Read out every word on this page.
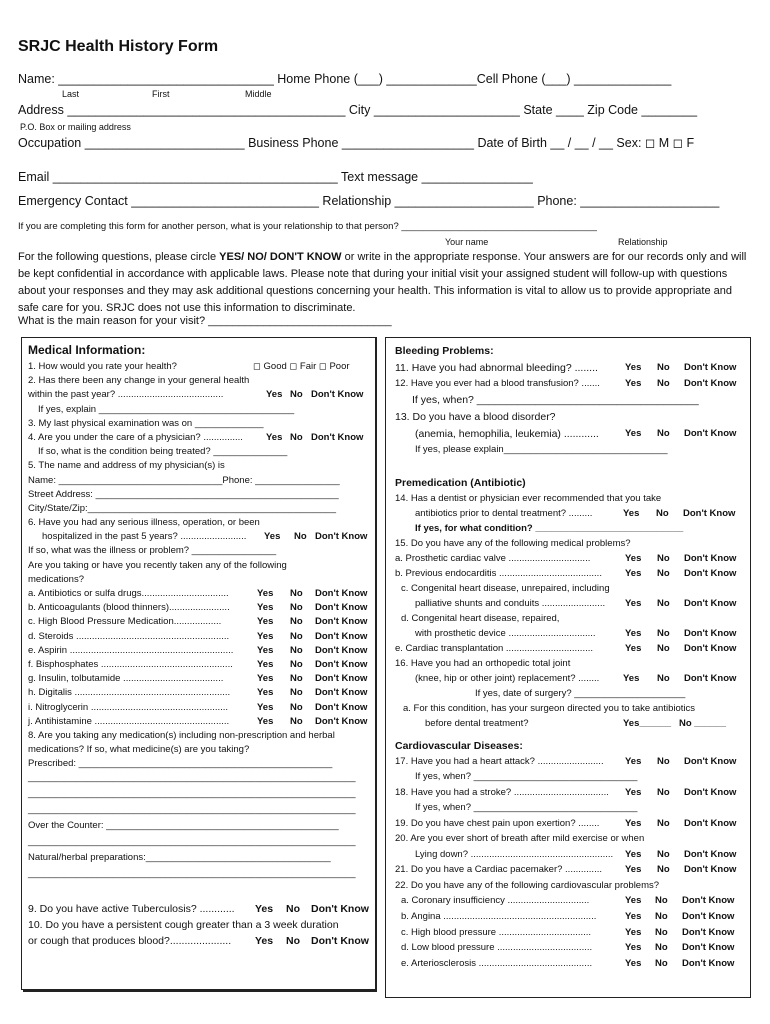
SRJC Health History Form
Name: _______________________________ Home Phone (___) _____________Cell Phone (___) ______________
Last	First	Middle
Address ________________________________________ City _____________________ State ____ Zip Code ________
P.O. Box or mailing address
Occupation _______________________ Business Phone ___________________ Date of Birth __ / __ / __ Sex: ◻ M ◻ F
Email _________________________________________ Text message ________________
Emergency Contact ___________________________ Relationship ____________________ Phone: ____________________
If you are completing this form for another person, what is your relationship to that person? _____________________________________
Your name	Relationship
For the following questions, please circle YES/ NO/ DON'T KNOW or write in the appropriate response. Your answers are for our records only and will be kept confidential in accordance with applicable laws. Please note that during your initial visit your assigned student will follow-up with questions about your responses and they may ask additional questions concerning your health. This information is vital to allow us to provide appropriate and safe care for you. SRJC does not use this information to discriminate.
What is the main reason for your visit? ______________________________
Medical Information:
1. How would you rate your health?	◻ Good ◻ Fair ◻ Poor
2. Has there been any change in your general health
within the past year? ........................................	Yes No Don't Know
If yes, explain _____________________________________
3. My last physical examination was on _____________
4. Are you under the care of a physician? ............... Yes No Don't Know
If so, what is the condition being treated? ______________
5. The name and address of my physician(s) is
Name: _______________________________Phone: ________________
Street Address: ______________________________________________
City/State/Zip:_______________________________________________
6. Have you had any serious illness, operation, or been
hospitalized in the past 5 years? ......................... Yes No Don't Know
If so, what was the illness or problem? ________________
Are you taking or have you recently taken any of the following
medications?
a. Antibiotics or sulfa drugs.................................	Yes No Don't Know
b. Anticoagulants (blood thinners).......................	Yes No Don't Know
c. High Blood Pressure Medication..................	Yes No Don't Know
d. Steroids ..........................................................	Yes No Don't Know
e. Aspirin .............................................................. Yes No Don't Know
f. Bisphosphates ..................................................	Yes No Don't Know
g. Insulin, tolbutamide ......................................	Yes No Don't Know
h. Digitalis ...........................................................	Yes No Don't Know
i. Nitroglycerin ....................................................	Yes No Don't Know
j. Antihistamine ...................................................	Yes No Don't Know
8. Are you taking any medication(s) including non-prescription and herbal
medications? If so, what medicine(s) are you taking?
Prescribed: ________________________________________________
______________________________________________________________
______________________________________________________________
______________________________________________________________
Over the Counter: ____________________________________________
______________________________________________________________
Natural/herbal preparations:___________________________________
______________________________________________________________
9. Do you have active Tuberculosis? ............ Yes No Don't Know
10. Do you have a persistent cough greater than a 3 week duration
or cough that produces blood?..................... Yes No Don't Know
Bleeding Problems:
11. Have you had abnormal bleeding? ........	Yes No Don't Know
12. Have you ever had a blood transfusion? .......	Yes No Don't Know
If yes, when? ______________________________________
13. Do you have a blood disorder?
(anemia, hemophilia, leukemia) ............	Yes No Don't Know
If yes, please explain_______________________________
Premedication (Antibiotic)
14. Has a dentist or physician ever recommended that you take
antibiotics prior to dental treatment? .........	Yes No Don't Know
If yes, for what condition? ____________________________
15. Do you have any of the following medical problems?
a. Prosthetic cardiac valve ...............................	Yes No Don't Know
b. Previous endocarditis ....................................... Yes No Don't Know
c. Congenital heart disease, unrepaired, including
palliative shunts and conduits ........................ Yes No Don't Know
d. Congenital heart disease, repaired,
with prosthetic device .................................	Yes No Don't Know
e. Cardiac transplantation .................................	Yes No Don't Know
16. Have you had an orthopedic total joint
(knee, hip or other joint) replacement? ........ Yes No Don't Know
If yes, date of surgery? _____________________
a. For this condition, has your surgeon directed you to take antibiotics
before dental treatment?	Yes______ No ______
Cardiovascular Diseases:
17. Have you had a heart attack? ......................... Yes No Don't Know
If yes, when? _______________________________
18. Have you had a stroke? .................................... Yes No Don't Know
If yes, when? _______________________________
19. Do you have chest pain upon exertion? ........	Yes No Don't Know
20. Are you ever short of breath after mild exercise or when
Lying down? ...................................................... Yes No Don't Know
21. Do you have a Cardiac pacemaker? .............. Yes No Don't Know
22. Do you have any of the following cardiovascular problems?
a. Coronary insufficiency ...............................	Yes No Don't Know
b. Angina ..........................................................	Yes No Don't Know
c. High blood pressure ...................................	Yes No Don't Know
d. Low blood pressure ....................................	Yes No Don't Know
e. Arteriosclerosis ...........................................	Yes No Don't Know
